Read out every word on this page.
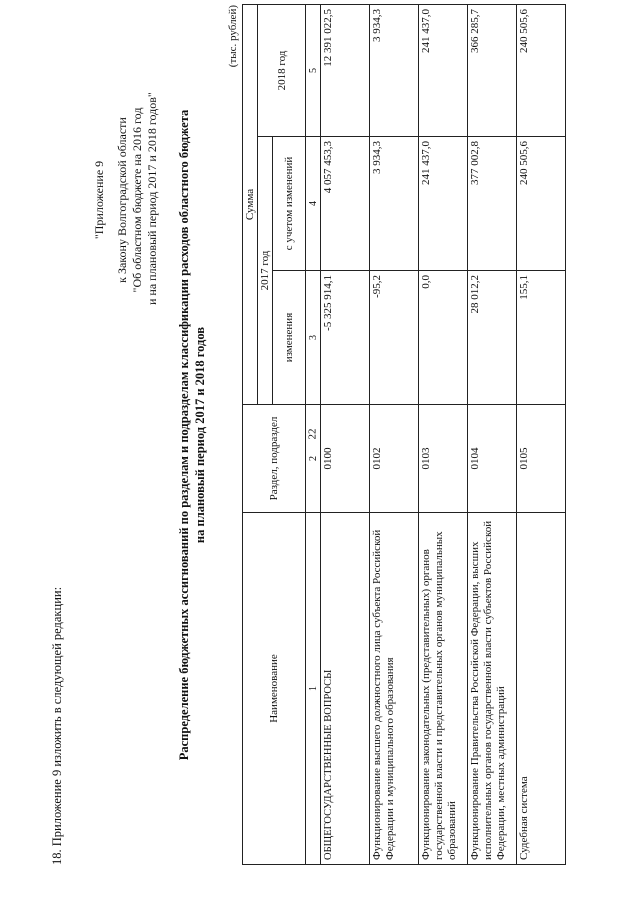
22
18. Приложение 9 изложить в следующей редакции:
"Приложение 9 к Закону Волгоградской области "Об областном бюджете на 2016 год и на плановый период 2017 и 2018 годов" Распределение бюджетных ассигнований по разделам и подразделам классификации расходов областного бюджета на плановый период 2017 и 2018 годов
(тыс. рублей)
Наименование	Раздел, подраздел	Сумма		
		2017 год		2018 год
		изменения	с учетом изменений	
1	2	3	4	5
ОБЩЕГОСУДАРСТВЕННЫЕ ВОПРОСЫ	0100	-5 325 914,1	4 057 453,3	12 391 022,5
Функционирование высшего должностного лица субъекта Российской Федерации и муниципального образования	0102	-95,2	3 934,3	3 934,3
Функционирование законодательных (представительных) органов государственной власти и представительных органов муниципальных образований	0103	0,0	241 437,0	241 437,0
Функционирование Правительства Российской Федерации, высших исполнительных органов государственной власти субъектов Российской Федерации, местных администраций	0104	28 012,2	377 002,8	366 285,7
Судебная система	0105	155,1	240 505,6	240 505,6
